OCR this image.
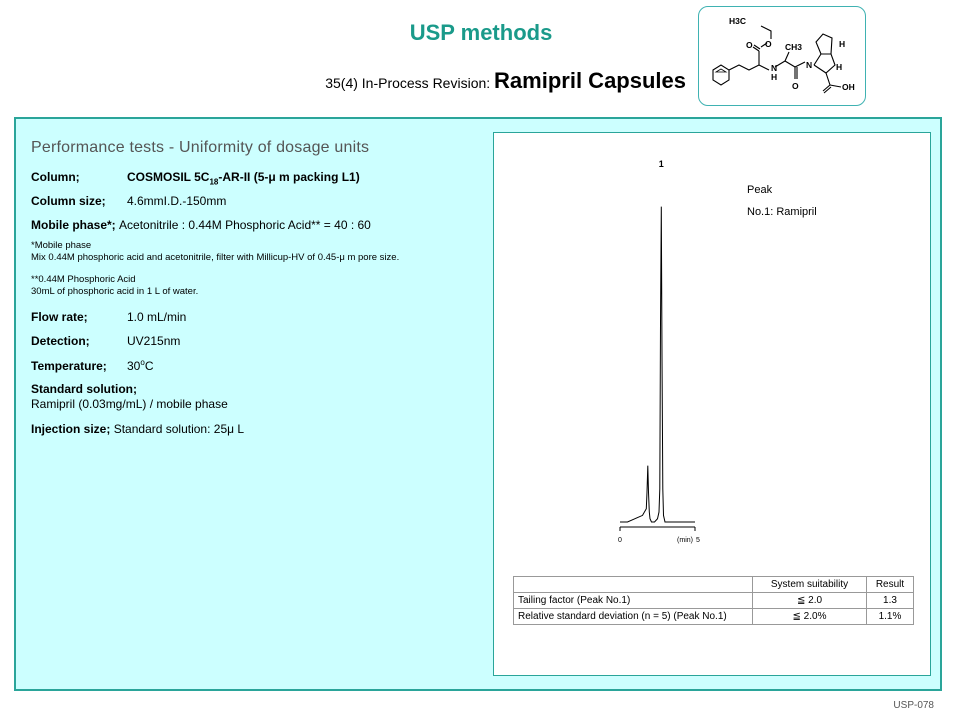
USP methods
35(4) In-Process Revision: Ramipril Capsules
H3C
O
O	CH3
H
N	N
O
H
H
OH
Performance tests - Uniformity of dosage units
Column;	COSMOSIL $5C_{18}-AR-II$ (5-μ m packing L1)
Column size; 4.6mmI.D.-150mm
Mobile phase*; Acetonitrile : 0.44M Phosphoric Acid** = 40 : 60
*Mobile phase
Mix 0.44M phosphoric acid and acetonitrile, filter with Millicup-HV of 0.45-μ m pore size.
**0.44M Phosphoric Acid
30mL of phosphoric acid in 1 L of water.
Flow rate;	1.0 mL/min
Detection;	UV215nm
Temperature; 30$^o$C
Standard solution;
Ramipril (0.03mg/mL) / mobile phase
Injection size; Standard solution: 25μ L
0	(min) 5
1
Peak
No.1: Ramipril
	System suitability	Result
Tailing factor (Peak No.1)	≦ 2.0	1.3
Relative standard deviation (n = 5) (Peak No.1)	≦ 2.0%	1.1%
USP-078
